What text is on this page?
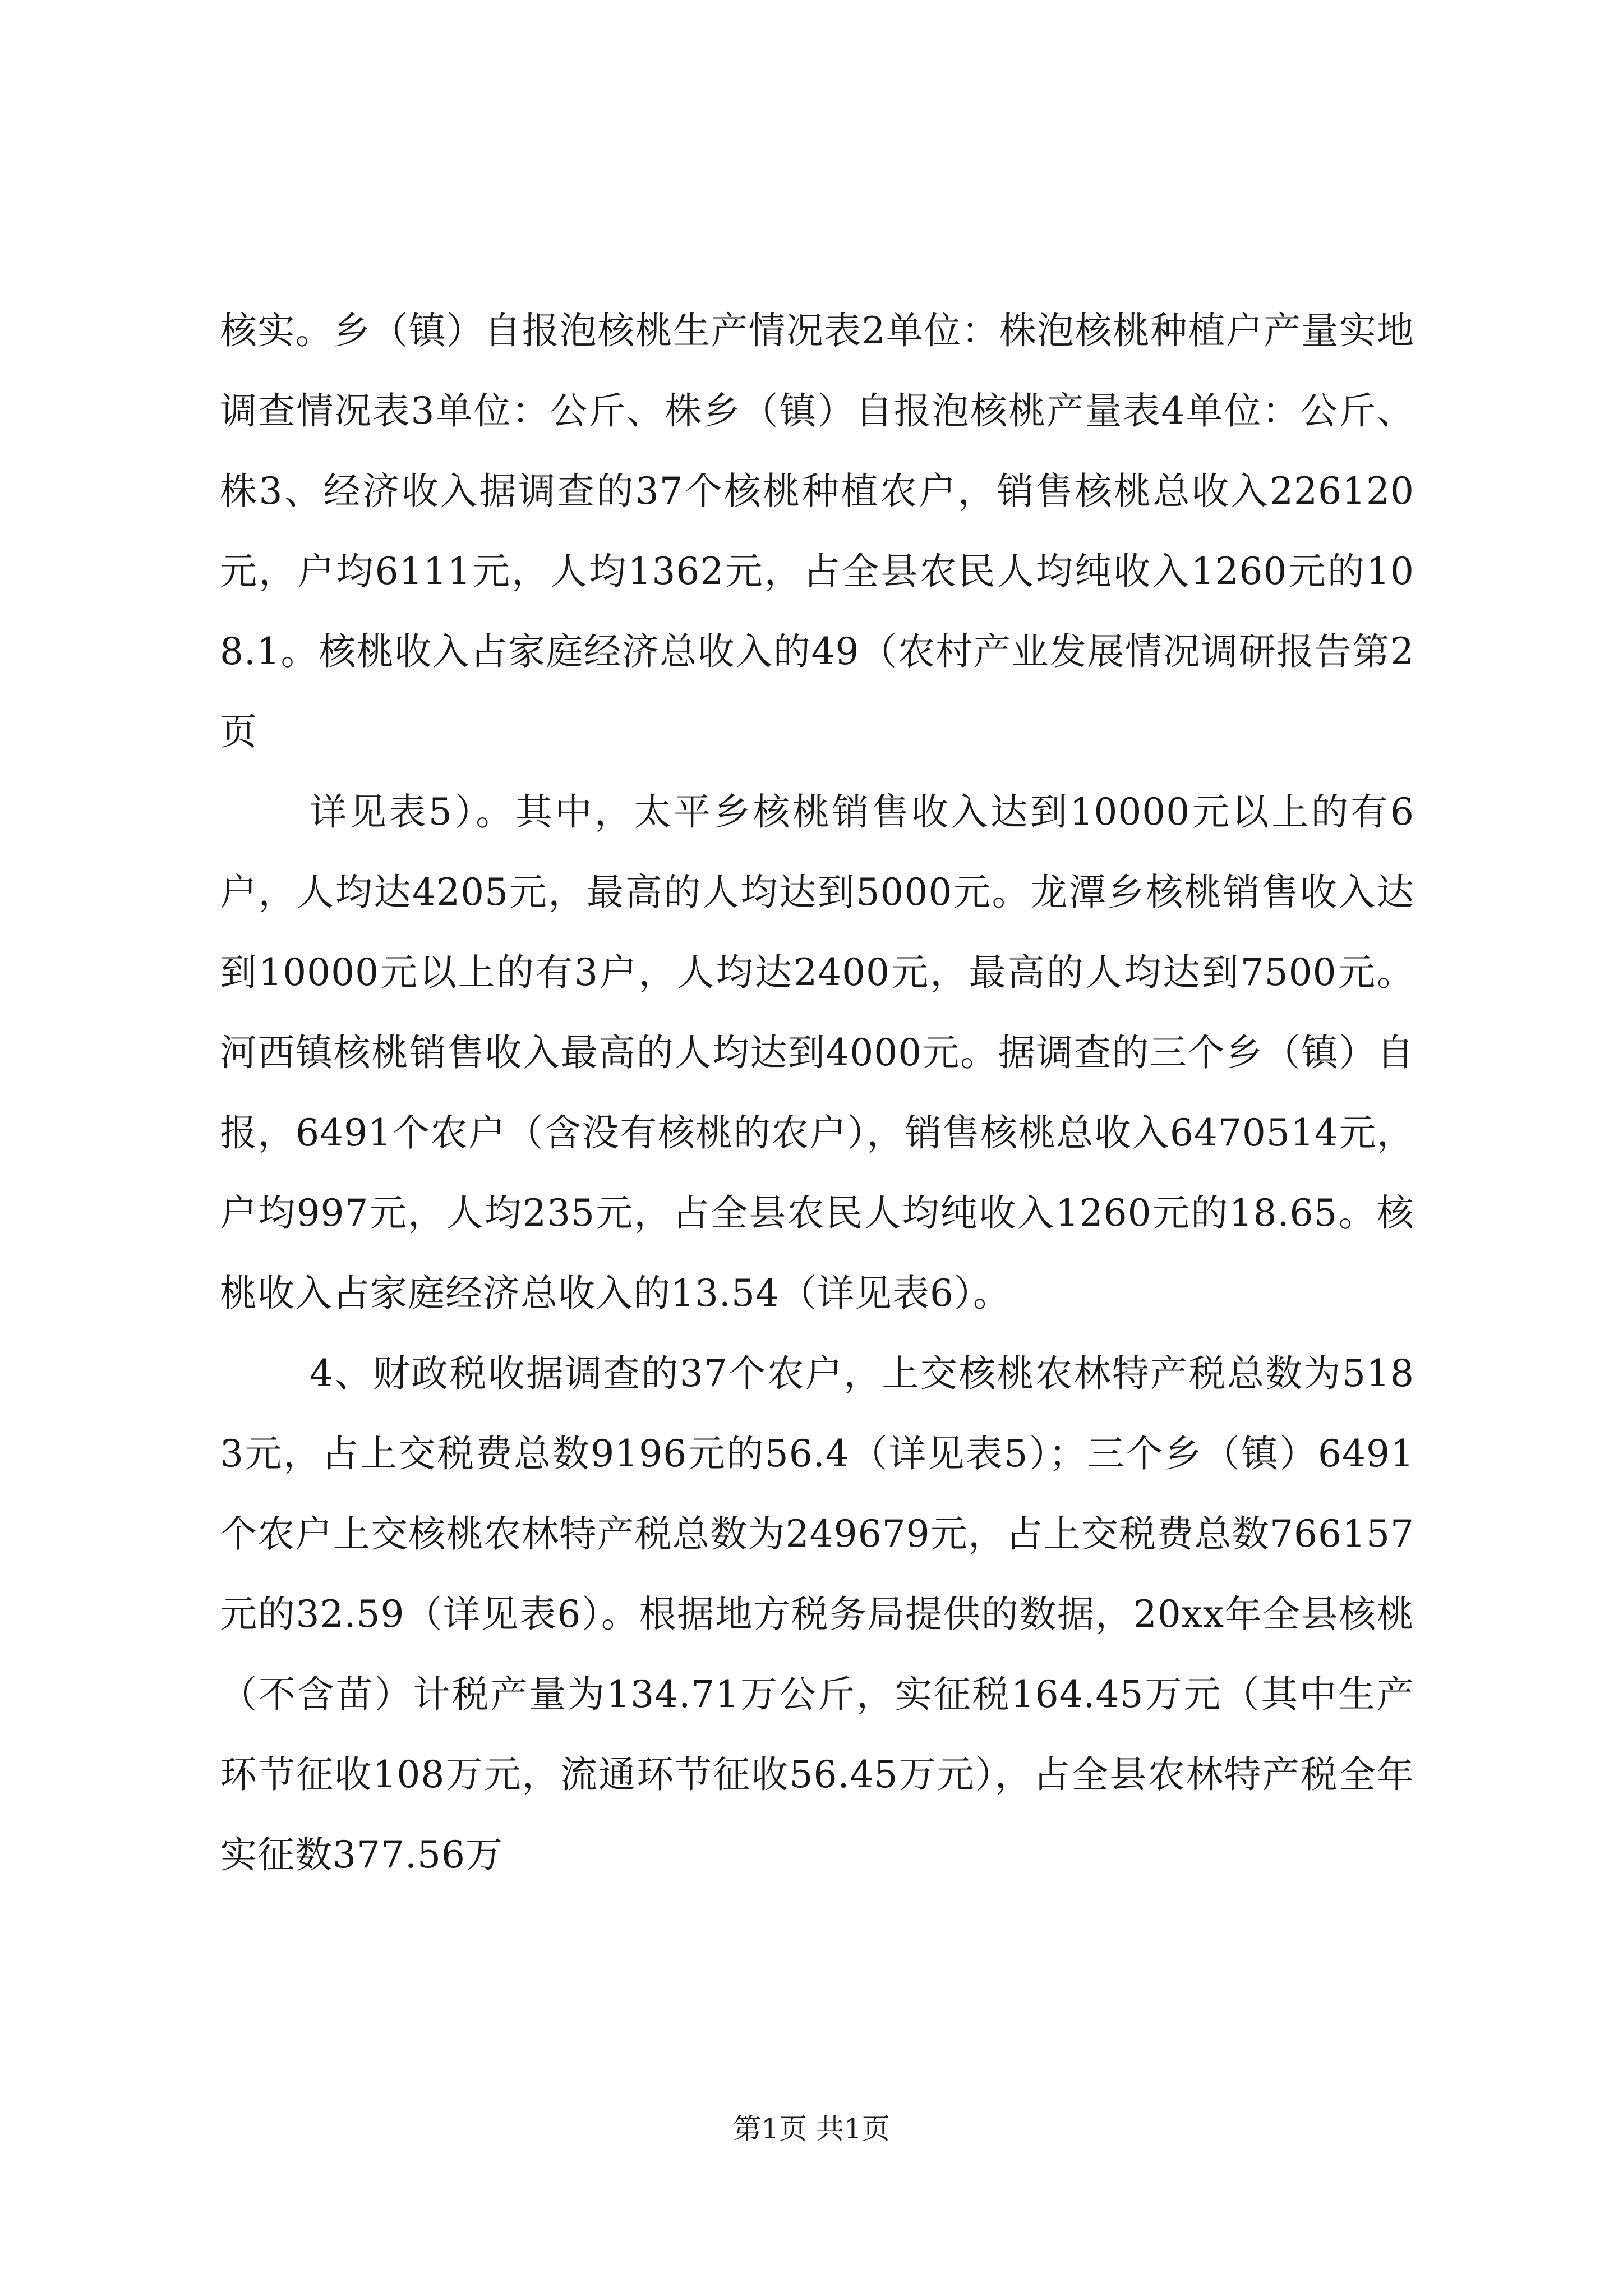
核实。乡（镇）自报泡核桃生产情况表2单位：株泡核桃种植户产量实地调查情况表3单位：公斤、株乡（镇）自报泡核桃产量表4单位：公斤、株3、经济收入据调查的37个核桃种植农户，销售核桃总收入226120元，户均6111元，人均1362元，占全县农民人均纯收入1260元的108.1。核桃收入占家庭经济总收入的49（农村产业发展情况调研报告第2页

详见表5）。其中，太平乡核桃销售收入达到10000元以上的有6户，人均达4205元，最高的人均达到5000元。龙潭乡核桃销售收入达到10000元以上的有3户，人均达2400元，最高的人均达到7500元。河西镇核桃销售收入最高的人均达到4000元。据调查的三个乡（镇）自报，6491个农户（含没有核桃的农户），销售核桃总收入6470514元，户均997元，人均235元，占全县农民人均纯收入1260元的18.65。核桃收入占家庭经济总收入的13.54（详见表6）。

4、财政税收据调查的37个农户，上交核桃农林特产税总数为5183元，占上交税费总数9196元的56.4（详见表5）；三个乡（镇）6491个农户上交核桃农林特产税总数为249679元，占上交税费总数766157元的32.59（详见表6）。根据地方税务局提供的数据，20xx年全县核桃（不含苗）计税产量为134.71万公斤，实征税164.45万元（其中生产环节征收108万元，流通环节征收56.45万元），占全县农林特产税全年实征数377.56万

第1页 共1页
